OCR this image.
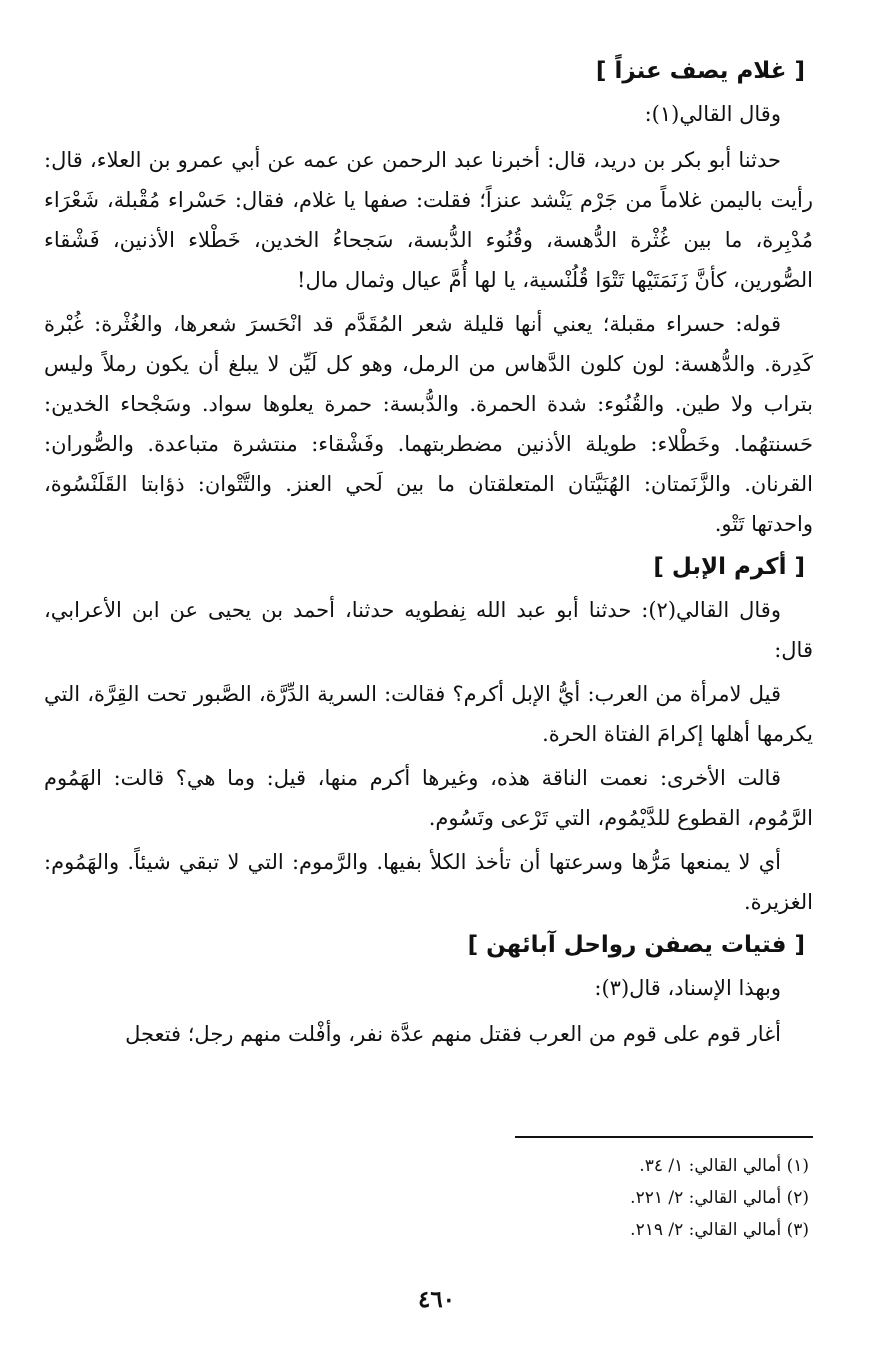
[ غلام يصف عنزاً ]
وقال القالي(١):

حدثنا أبو بكر بن دريد، قال: أخبرنا عبد الرحمن عن عمه عن أبي عمرو بن العلاء، قال: رأيت باليمن غلاماً من جَرْم يَنْشد عنزاً؛ فقلت: صفها يا غلام، فقال: حَسْراء مُقْبلة، شَعْرَاء مُدْبِرة، ما بين غُثْرة الدُّهسة، وقُنُوء الدُّبسة، سَجحاءُ الخدين، خَطْلاء الأذنين، فَشْقاء الصُّورين، كأنَّ زَنَمَتَيْها تَتْوَا قُلُنْسية، يا لها أُمَّ عيال وثمال مال!

قوله: حسراء مقبلة؛ يعني أنها قليلة شعر المُقَدَّم قد انْحَسرَ شعرها، والغُثْرة: غُبْرة كَدِرة. والدُّهسة: لون كلون الدَّهاس من الرمل، وهو كل لَيِّن لا يبلغ أن يكون رملاً وليس بتراب ولا طين. والقُنُوء: شدة الحمرة. والدُّبسة: حمرة يعلوها سواد. وسَجْحاء الخدين: حَسنتهُما. وخَطْلاء: طويلة الأذنين مضطربتهما. وفَشْقاء: منتشرة متباعدة. والصُّوران: القرنان. والزَّنَمتان: الهُنَيَّتان المتعلقتان ما بين لَحي العنز. والتَّتْوان: ذؤابتا القَلَنْسُوة، واحدتها تَتْو.

[ أكرم الإبل ]

وقال القالي(٢): حدثنا أبو عبد الله نِفطويه حدثنا، أحمد بن يحيى عن ابن الأعرابي، قال:

قيل لامرأة من العرب: أيُّ الإبل أكرم؟ فقالت: السرية الدِّرَّة، الصَّبور تحت القِرَّة، التي يكرمها أهلها إكرامَ الفتاة الحرة.

قالت الأخرى: نعمت الناقة هذه، وغيرها أكرم منها، قيل: وما هي؟ قالت: الهَمُوم الرَّمُوم، القطوع للدَّيْمُوم، التي تَرْعى وتَسُوم.

أي لا يمنعها مَرُّها وسرعتها أن تأخذ الكلأ بفيها. والرَّموم: التي لا تبقي شيئاً. والهَمُوم: الغزيرة.

[ فتيات يصفن رواحل آبائهن ]
وبهذا الإسناد، قال(٣):

أغار قوم على قوم من العرب فقتل منهم عدَّة نفر، وأفْلت منهم رجل؛ فتعجل

(١) أمالي القالي: ١/ ٣٤.
(٢) أمالي القالي: ٢/ ٢٢١.
(٣) أمالي القالي: ٢/ ٢١٩.
٤٦٠
